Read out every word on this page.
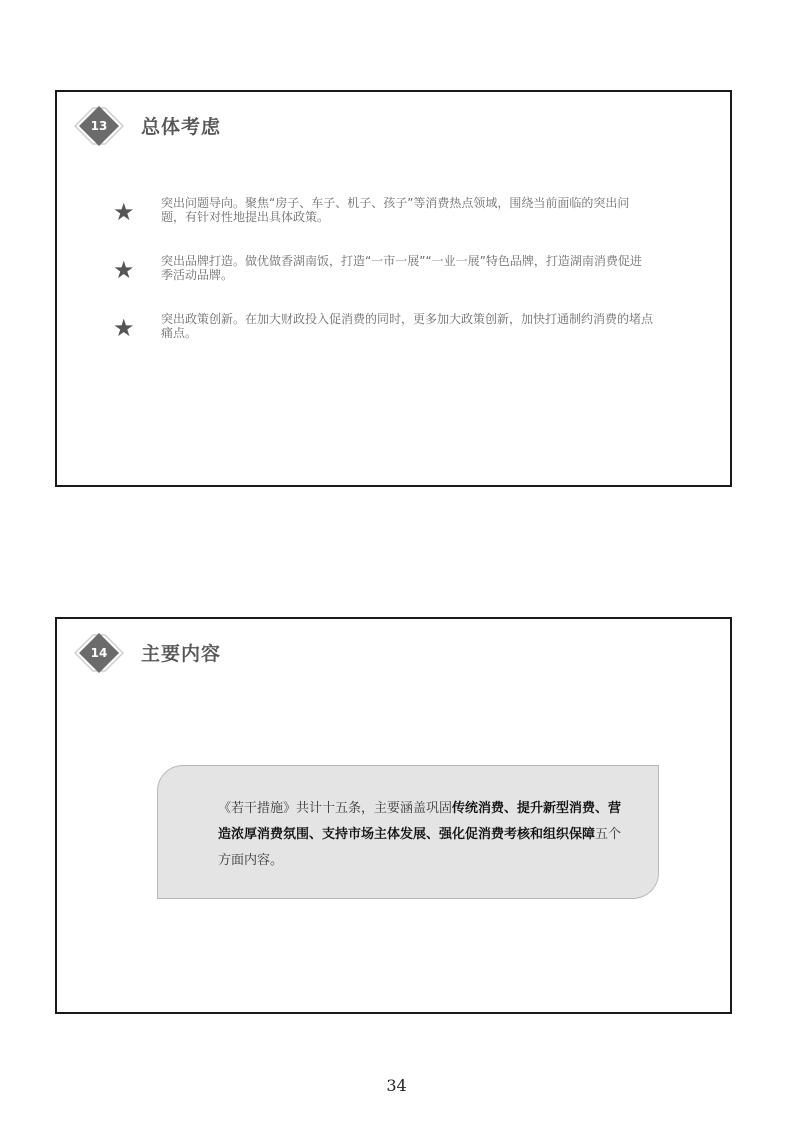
13	总体考虑
★ 突出问题导向。聚焦“房子、车子、机子、孩子”等消费热点领域，围绕当前面临的突出问题，有针对性地提出具体政策。
★ 突出品牌打造。做优做香湖南饭，打造“一市一展”“一业一展”特色品牌，打造湖南消费促进季活动品牌。
★ 突出政策创新。在加大财政投入促消费的同时，更多加大政策创新，加快打通制约消费的堵点痛点。
14	主要内容

《若干措施》共计十五条，主要涵盖巩固传统消费、提升新型消费、营造浓厚消费氛围、支持市场主体发展、强化促消费考核和组织保障五个方面内容。

34
